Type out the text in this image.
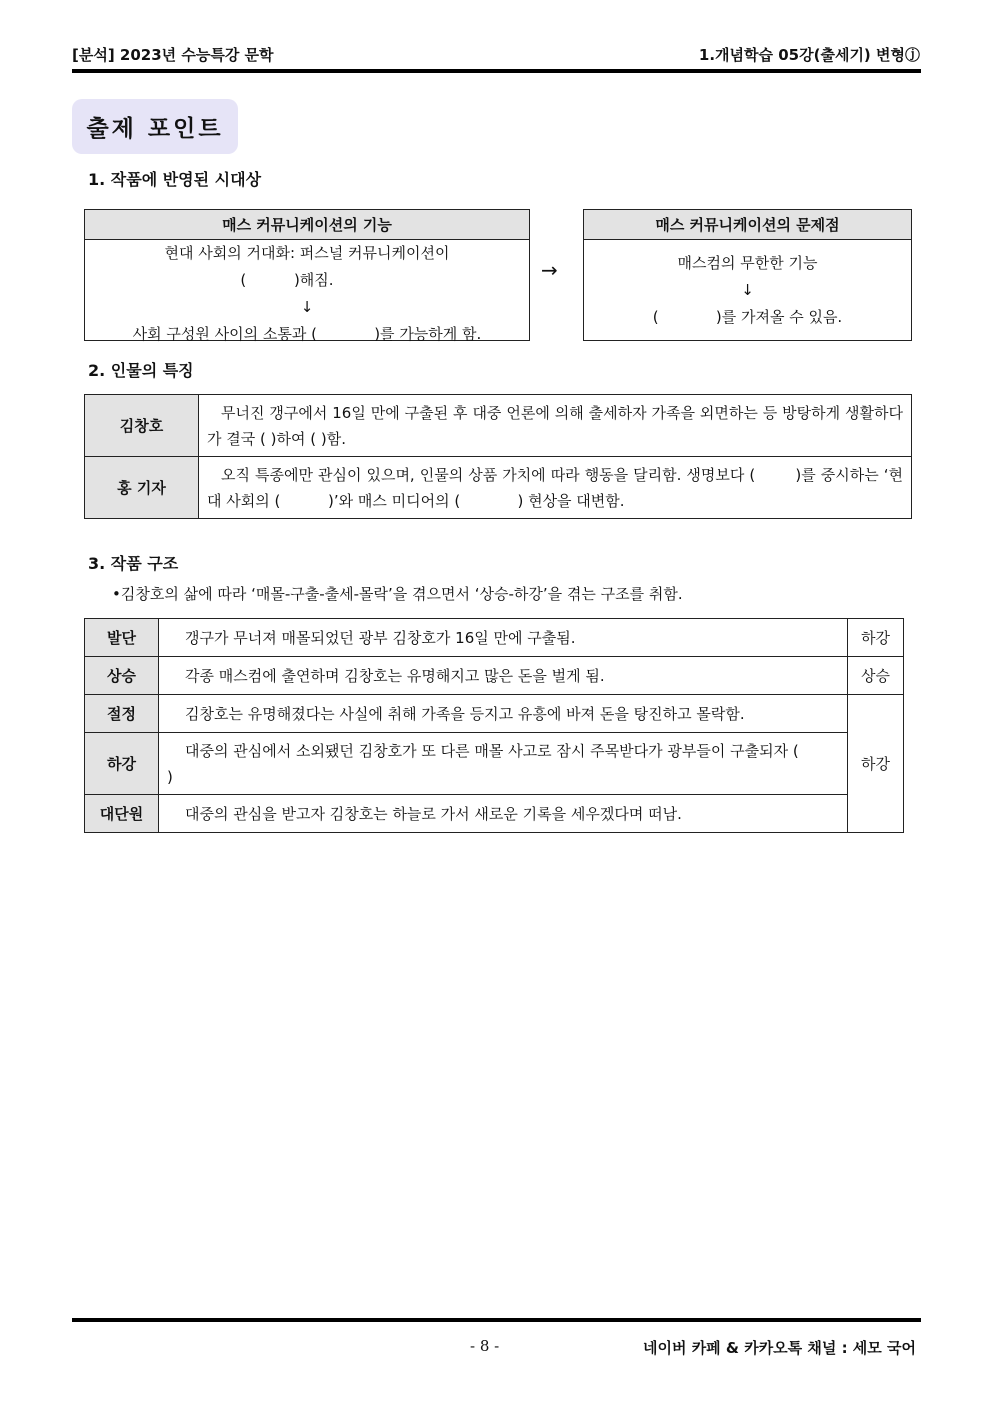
[분석] 2023년 수능특강 문학	1.개념학습 05강(출세기) 변형ⓙ
출제 포인트
1. 작품에 반영된 시대상
매스 커뮤니케이션의 기능
현대 사회의 거대화: 퍼스널 커뮤니케이션이
(          )해짐.
↓
사회 구성원 사이의 소통과 (            )를 가능하게 함.
→
매스 커뮤니케이션의 문제점
매스컴의 무한한 기능
↓
(            )를 가져올 수 있음.
2. 인물의 특징
김창호	무너진 갱구에서 16일 만에 구출된 후 대중 언론에 의해 출세하자 가족을 외면하는 등 방탕하게 생활하다가 결국 ( )하여 ( )함.
홍 기자	오직 특종에만 관심이 있으며, 인물의 상품 가치에 따라 행동을 달리함. 생명보다 (        )를 중시하는 ‘현대 사회의 (          )’와 매스 미디어의 (            ) 현상을 대변함.
3. 작품 구조
•김창호의 삶에 따라 ‘매몰-구출-출세-몰락’을 겪으면서 ‘상승-하강’을 겪는 구조를 취함.
발단	갱구가 무너져 매몰되었던 광부 김창호가 16일 만에 구출됨.	하강
상승	각종 매스컴에 출연하며 김창호는 유명해지고 많은 돈을 벌게 됨.	상승
절정	김창호는 유명해졌다는 사실에 취해 가족을 등지고 유흥에 바져 돈을 탕진하고 몰락함.	하강
하강	대중의 관심에서 소외됐던 김창호가 또 다른 매몰 사고로 잠시 주목받다가 광부들이 구출되자 (            )	
대단원	대중의 관심을 받고자 김창호는 하늘로 가서 새로운 기록을 세우겠다며 떠남.	
- 8 -	네이버 카페 & 카카오톡 채널 : 세모 국어
